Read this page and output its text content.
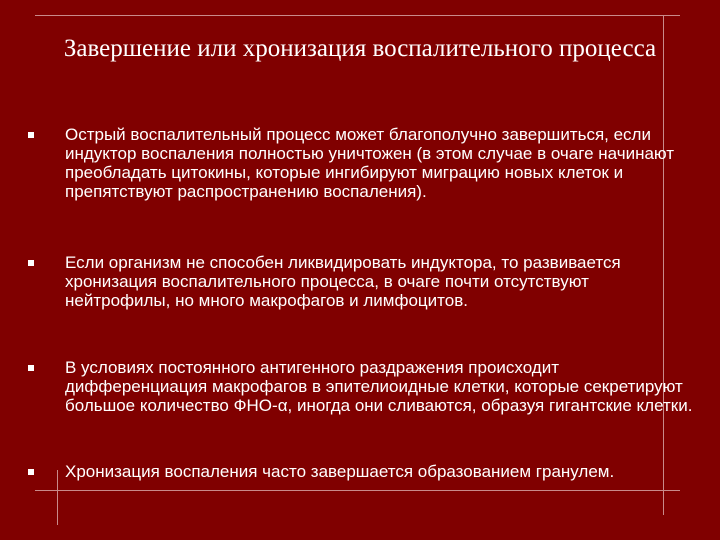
Завершение или хронизация воспалительного процесса
Острый воспалительный процесс может благополучно завершиться, если индуктор воспаления полностью уничтожен (в этом случае в очаге начинают преобладать цитокины, которые ингибируют миграцию новых клеток и препятствуют распространению воспаления).
Если организм не способен ликвидировать индуктора, то развивается хронизация воспалительного процесса, в очаге почти отсутствуют нейтрофилы, но много макрофагов и лимфоцитов.
В условиях постоянного антигенного раздражения происходит дифференциация макрофагов в эпителиоидные клетки, которые секретируют большое количество ФНО-α, иногда они сливаются, образуя гигантские клетки.
Хронизация воспаления часто завершается образованием гранулем.
